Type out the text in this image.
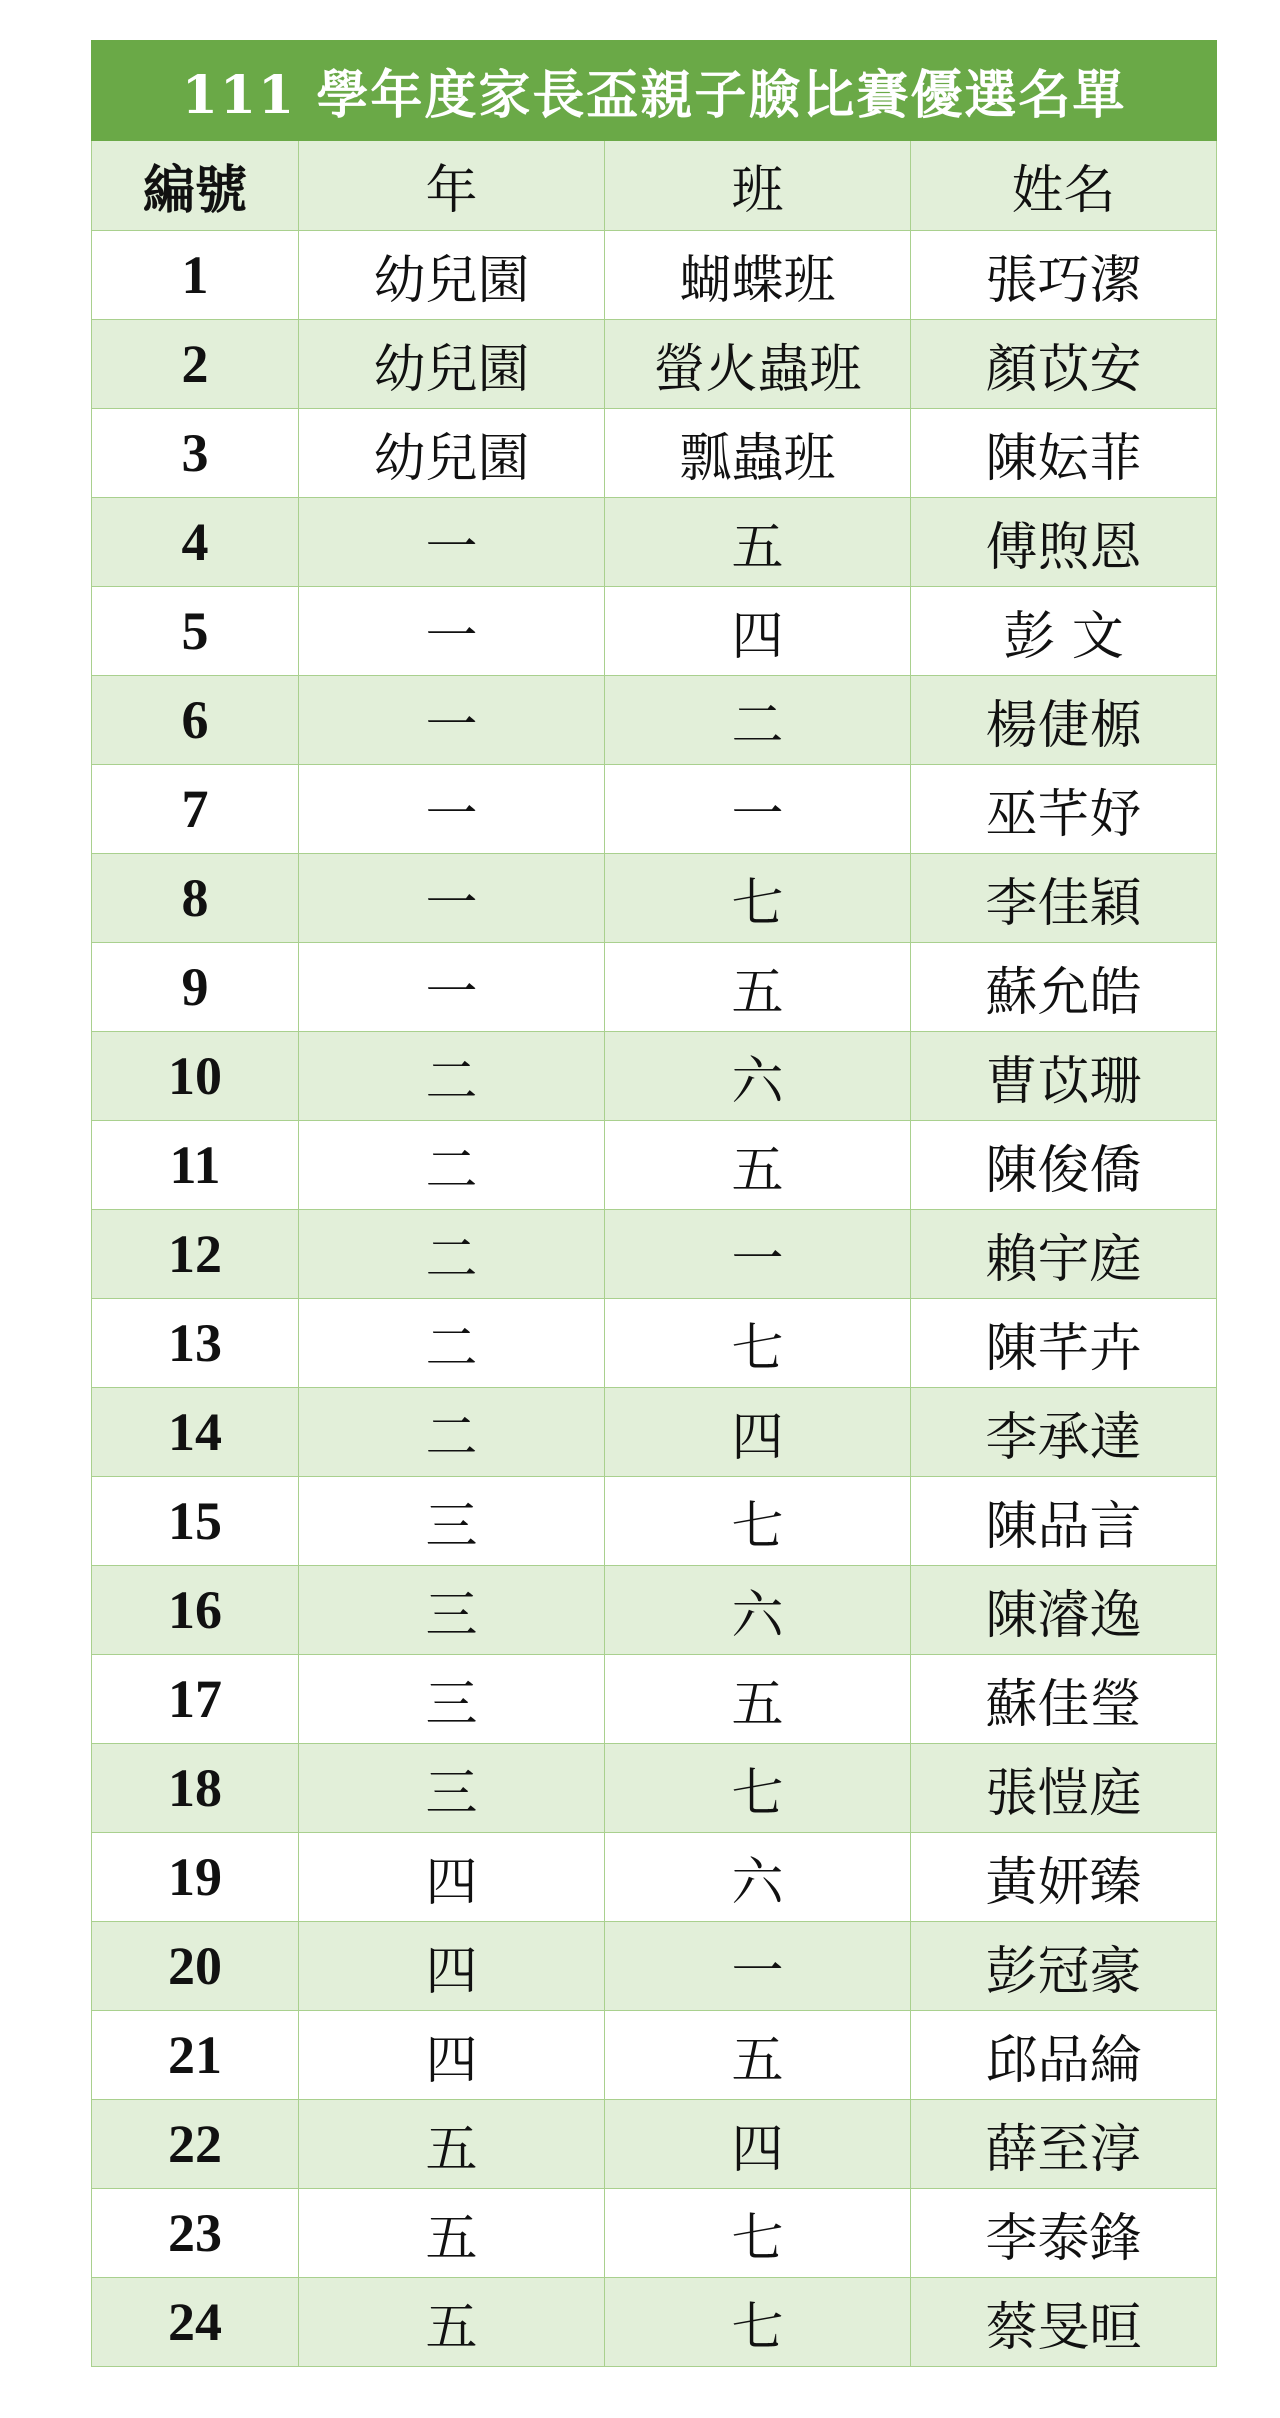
111 學年度家長盃親子臉比賽優選名單			
編號	年	班	姓名
1	幼兒園	蝴蝶班	張巧潔
2	幼兒園	螢火蟲班	顏苡安
3	幼兒園	瓢蟲班	陳妘菲
4	一	五	傅煦恩
5	一	四	彭 文
6	一	二	楊倢榞
7	一	一	巫芊妤
8	一	七	李佳穎
9	一	五	蘇允皓
10	二	六	曹苡珊
11	二	五	陳俊僑
12	二	一	賴宇庭
13	二	七	陳芊卉
14	二	四	李承達
15	三	七	陳品言
16	三	六	陳濬逸
17	三	五	蘇佳瑩
18	三	七	張愷庭
19	四	六	黃妍臻
20	四	一	彭冠豪
21	四	五	邱品綸
22	五	四	薛至淳
23	五	七	李泰鋒
24	五	七	蔡旻晅
